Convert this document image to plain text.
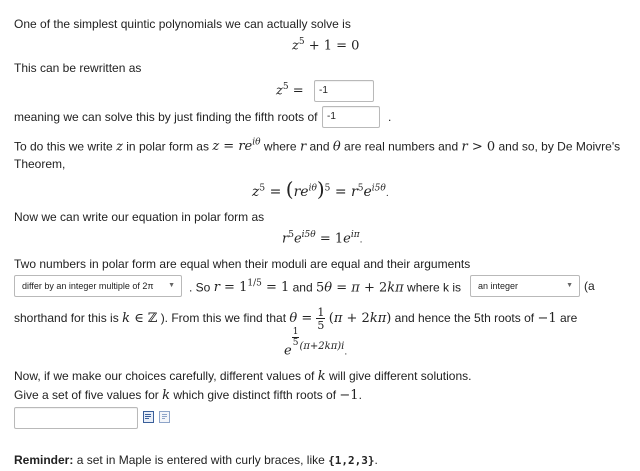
One of the simplest quintic polynomials we can actually solve is
$z^5 + 1 = 0$
This can be rewritten as
$z^5$ =	-1
meaning we can solve this by just finding the fifth roots of -1	.
To do this we write z in polar form as $z = re^{i\theta}$ where r and θ are real numbers and r > 0 and so, by De Moivre's
Theorem,
$z^5 = (re^{i\theta})^5 = r^5e^{i5\theta}$.
Now we can write our equation in polar form as
$r^5e^{i5\theta} = 1e^{i\pi}$.
Two numbers in polar form are equal when their moduli are equal and their arguments
differ by an integer multiple of 2π ▼ . So $r = 1^{1/5} = 1$ and 5θ = π + 2kπ where k is	an integer	▼ (a
shorthand for this is k ∈ ℤ ). From this we find that $\theta = \frac{1}{5} (\pi + 2k\pi)$ and hence the 5th roots of −1 are
e
$^{\frac{1}{5} (\pi+2k\pi)i}$.
Now, if we make our choices carefully, different values of k will give different solutions.
Give a set of five values for k which give distinct fifth roots of −1.
Reminder: a set in Maple is entered with curly braces, like {1,2,3}.
